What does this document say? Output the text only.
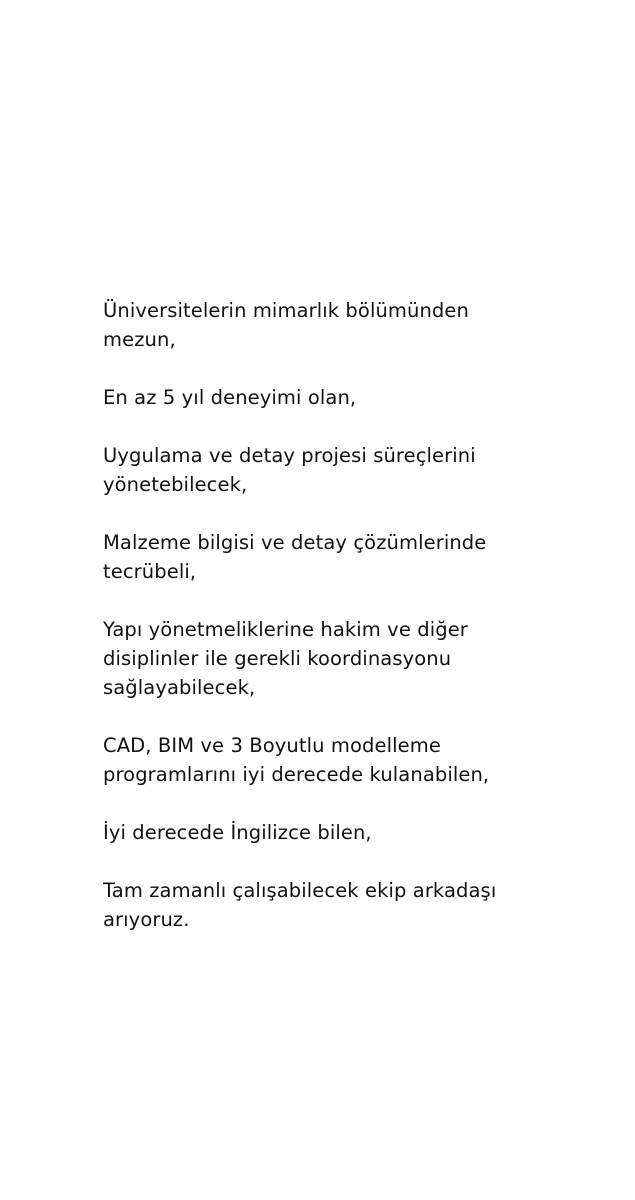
Üniversitelerin mimarlık bölümünden
mezun,

En az 5 yıl deneyimi olan,

Uygulama ve detay projesi süreçlerini
yönetebilecek,

Malzeme bilgisi ve detay çözümlerinde
tecrübeli,

Yapı yönetmeliklerine hakim ve diğer
disiplinler ile gerekli koordinasyonu
sağlayabilecek,

CAD, BIM ve 3 Boyutlu modelleme
programlarını iyi derecede kulanabilen,

İyi derecede İngilizce bilen,

Tam zamanlı çalışabilecek ekip arkadaşı
arıyoruz.
